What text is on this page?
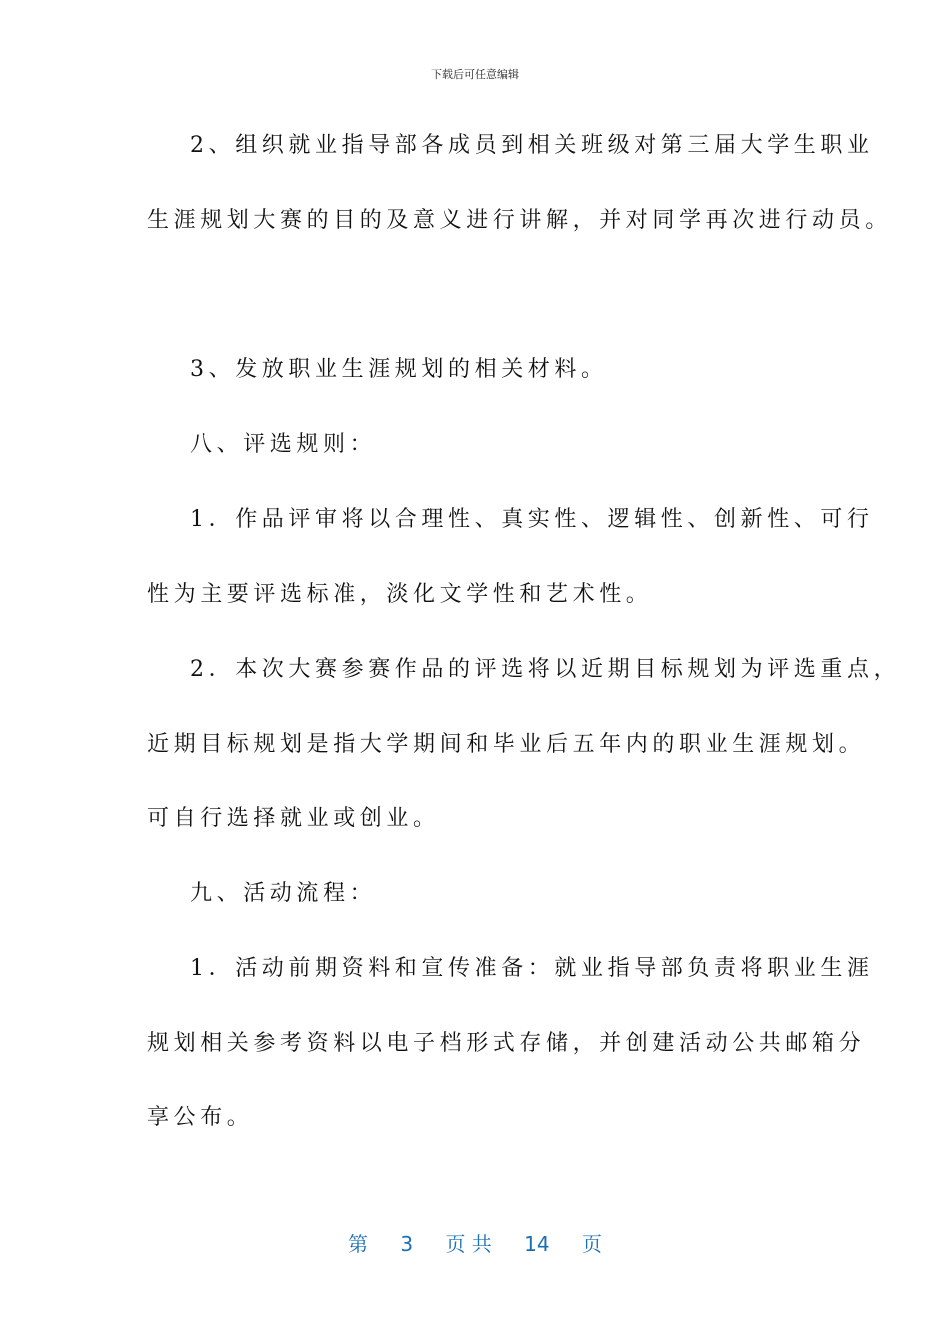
下载后可任意编辑
2、组织就业指导部各成员到相关班级对第三届大学生职业
生涯规划大赛的目的及意义进行讲解，并对同学再次进行动员。
3、发放职业生涯规划的相关材料。
八、评选规则：
1．作品评审将以合理性、真实性、逻辑性、创新性、可行
性为主要评选标准，淡化文学性和艺术性。
2．本次大赛参赛作品的评选将以近期目标规划为评选重点，
近期目标规划是指大学期间和毕业后五年内的职业生涯规划。
可自行选择就业或创业。
九、活动流程：
1．活动前期资料和宣传准备：就业指导部负责将职业生涯
规划相关参考资料以电子档形式存储，并创建活动公共邮箱分
享公布。
第 3 页 共 14 页
